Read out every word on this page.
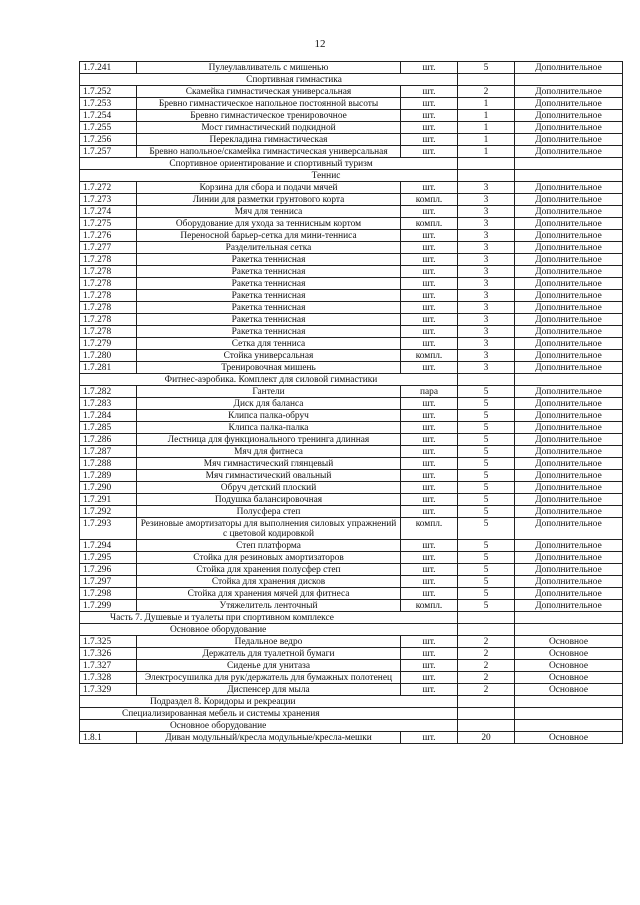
12
1.7.241	Пулеулавливатель с мишенью	шт.	5	Дополнительное
Спортивная гимнастика				
1.7.252	Скамейка гимнастическая универсальная	шт.	2	Дополнительное
1.7.253	Бревно гимнастическое напольное постоянной высоты	шт.	1	Дополнительное
1.7.254	Бревно гимнастическое тренировочное	шт.	1	Дополнительное
1.7.255	Мост гимнастический подкидной	шт.	1	Дополнительное
1.7.256	Перекладина гимнастическая	шт.	1	Дополнительное
1.7.257	Бревно напольное/скамейка гимнастическая универсальная	шт.	1	Дополнительное
Спортивное ориентирование и спортивный туризм				
Теннис				
1.7.272	Корзина для сбора и подачи мячей	шт.	3	Дополнительное
1.7.273	Линии для разметки грунтового корта	компл.	3	Дополнительное
1.7.274	Мяч для тенниса	шт.	3	Дополнительное
1.7.275	Оборудование для ухода за теннисным кортом	компл.	3	Дополнительное
1.7.276	Переносной барьер-сетка для мини-тенниса	шт.	3	Дополнительное
1.7.277	Разделительная сетка	шт.	3	Дополнительное
1.7.278	Ракетка теннисная	шт.	3	Дополнительное
1.7.278	Ракетка теннисная	шт.	3	Дополнительное
1.7.278	Ракетка теннисная	шт.	3	Дополнительное
1.7.278	Ракетка теннисная	шт.	3	Дополнительное
1.7.278	Ракетка теннисная	шт.	3	Дополнительное
1.7.278	Ракетка теннисная	шт.	3	Дополнительное
1.7.278	Ракетка теннисная	шт.	3	Дополнительное
1.7.279	Сетка для тенниса	шт.	3	Дополнительное
1.7.280	Стойка универсальная	компл.	3	Дополнительное
1.7.281	Тренировочная мишень	шт.	3	Дополнительное
Фитнес-аэробика. Комплект для силовой гимнастики				
1.7.282	Гантели	пара	5	Дополнительное
1.7.283	Диск для баланса	шт.	5	Дополнительное
1.7.284	Клипса палка-обруч	шт.	5	Дополнительное
1.7.285	Клипса палка-палка	шт.	5	Дополнительное
1.7.286	Лестница для функционального тренинга длинная	шт.	5	Дополнительное
1.7.287	Мяч для фитнеса	шт.	5	Дополнительное
1.7.288	Мяч гимнастический глянцевый	шт.	5	Дополнительное
1.7.289	Мяч гимнастический овальный	шт.	5	Дополнительное
1.7.290	Обруч детский плоский	шт.	5	Дополнительное
1.7.291	Подушка балансировочная	шт.	5	Дополнительное
1.7.292	Полусфера степ	шт.	5	Дополнительное
1.7.293	Резиновые амортизаторы для выполнения силовых упражнений с цветовой кодировкой	компл.	5	Дополнительное
1.7.294	Степ платформа	шт.	5	Дополнительное
1.7.295	Стойка для резиновых амортизаторов	шт.	5	Дополнительное
1.7.296	Стойка для хранения полусфер степ	шт.	5	Дополнительное
1.7.297	Стойка для хранения дисков	шт.	5	Дополнительное
1.7.298	Стойка для хранения мячей для фитнеса	шт.	5	Дополнительное
1.7.299	Утяжелитель ленточный	компл.	5	Дополнительное
Часть 7. Душевые и туалеты при спортивном комплексе				
Основное оборудование				
1.7.325	Педальное ведро	шт.	2	Основное
1.7.326	Держатель для туалетной бумаги	шт.	2	Основное
1.7.327	Сиденье для унитаза	шт.	2	Основное
1.7.328	Электросушилка для рук/держатель для бумажных полотенец	шт.	2	Основное
1.7.329	Диспенсер для мыла	шт.	2	Основное
Подраздел 8. Коридоры и рекреации				
Специализированная мебель и системы хранения				
Основное оборудование				
1.8.1	Диван модульный/кресла модульные/кресла-мешки	шт.	20	Основное
